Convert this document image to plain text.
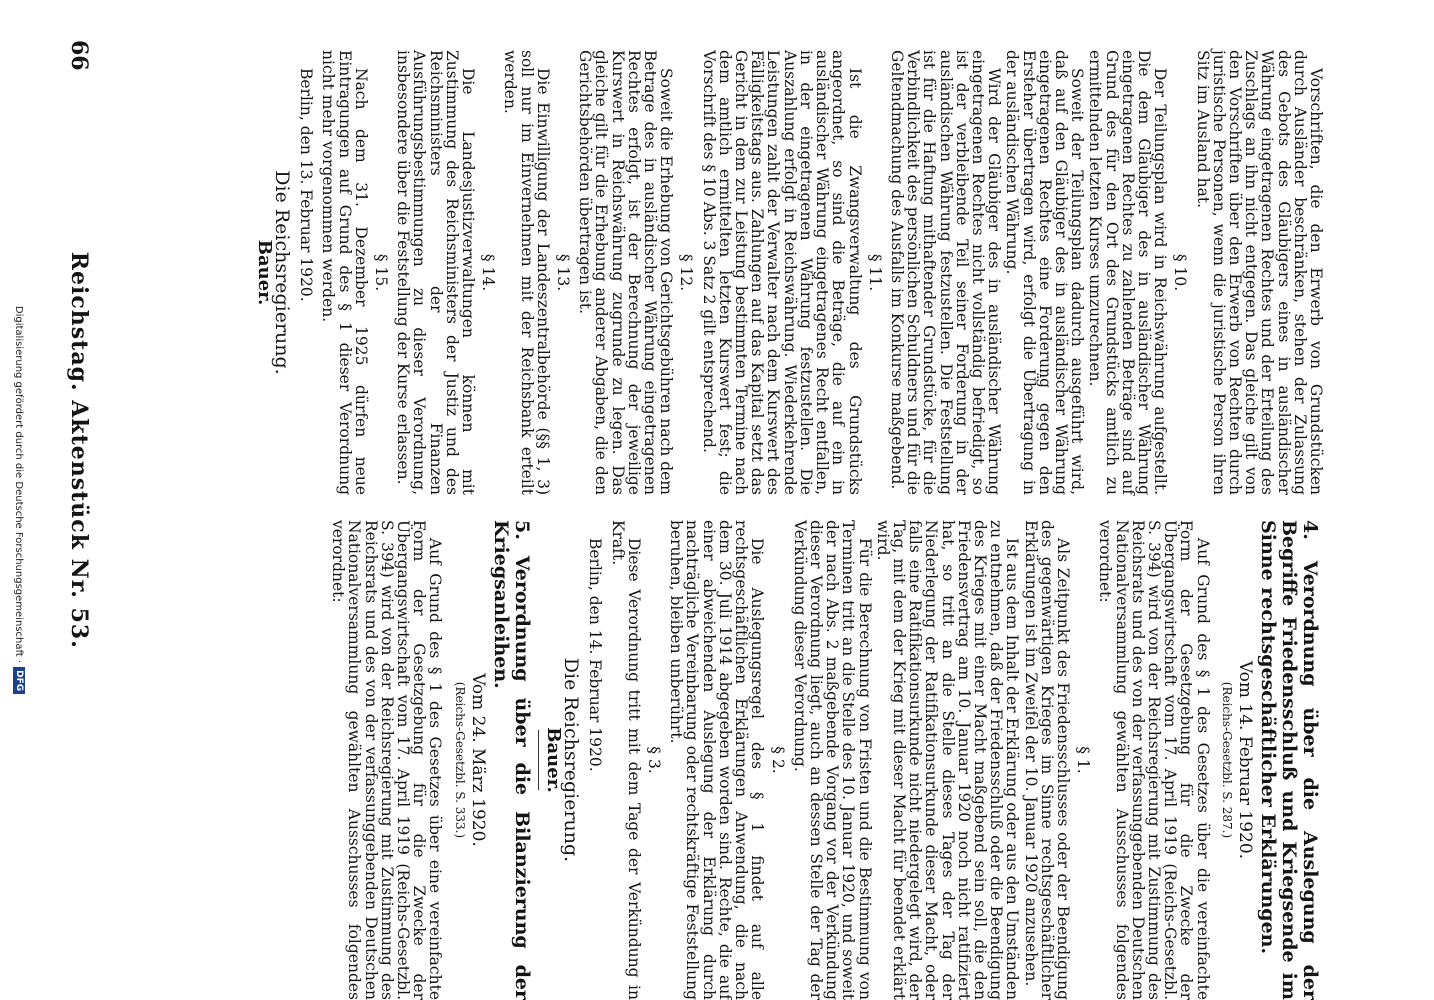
66
Reichstag. Aktenstück Nr. 53.	Vorschriften, die den Erwerb von Grundstücken durch Ausländer beschränken, stehen der Zulassung des Gebots des Gläubigers eines in ausländischer Währung eingetragenen Rechtes und der Erteilung des Zuschlags an ihn nicht entgegen. Das gleiche gilt von den Vorschriften über den Erwerb von Rechten durch juristische Personen, wenn die juristische Person ihren Sitz im Ausland hat.

§ 10.

Der Teilungsplan wird in Reichswährung aufgestellt. Die dem Gläubiger des in ausländischer Währung eingetragenen Rechtes zu zahlenden Beträge sind auf Grund des für den Ort des Grundstücks amtlich zu ermittelnden letzten Kurses umzurechnen.

Soweit der Teilungsplan dadurch ausgeführt wird, daß auf den Gläubiger des in ausländischer Währung eingetragenen Rechtes eine Forderung gegen den Ersteher übertragen wird, erfolgt die Übertragung in der ausländischen Währung.

Wird der Gläubiger des in ausländischer Währung eingetragenen Rechtes nicht vollständig befriedigt, so ist der verbleibende Teil seiner Forderung in der ausländischen Währung festzustellen. Die Feststellung ist für die Haftung mithaftender Grundstücke, für die Verbindlichkeit des persönlichen Schuldners und für die Geltendmachung des Ausfalls im Konkurse maßgebend.

§ 11.

Ist die Zwangsverwaltung des Grundstücks angeordnet, so sind die Beträge, die auf ein in ausländischer Währung eingetragenes Recht entfallen, in der eingetragenen Währung festzustellen. Die Auszahlung erfolgt in Reichswährung. Wiederkehrende Leistungen zahlt der Verwalter nach dem Kurswert des Fälligkeitstags aus. Zahlungen auf das Kapital setzt das Gericht in dem zur Leistung bestimmten Termine nach dem amtlich ermittelten letzten Kurswert fest; die Vorschrift des § 10 Abs. 3 Satz 2 gilt entsprechend.

§ 12.

Soweit die Erhebung von Gerichtsgebühren nach dem Betrage des in ausländischer Währung eingetragenen Rechtes erfolgt, ist der Berechnung der jeweilige Kurswert in Reichswährung zugrunde zu legen. Das gleiche gilt für die Erhebung anderer Abgaben, die den Gerichtsbehörden übertragen ist.

§ 13.

Die Einwilligung der Landeszentralbehörde (§§ 1, 3) soll nur im Einvernehmen mit der Reichsbank erteilt werden.

§ 14.

Die Landesjustizverwaltungen können mit Zustimmung des Reichsministers der Justiz und des Reichsministers der Finanzen Ausführungsbestimmungen zu dieser Verordnung, insbesondere über die Feststellung der Kurse erlassen.

§ 15.

Nach dem 31. Dezember 1925 dürfen neue Eintragungen auf Grund des § 1 dieser Verordnung nicht mehr vorgenommen werden.

Berlin, den 13. Februar 1920.

Die Reichsregierung.

Bauer.

4. Verordnung über die Auslegung der Begriffe Friedensschluß und Kriegsende im Sinne rechtsgeschäftlicher Erklärungen.

Vom 14. Februar 1920.

(Reichs-Gesetzbl. S. 287.)

Auf Grund des § 1 des Gesetzes über die vereinfachte Form der Gesetzgebung für die Zwecke der Übergangswirtschaft vom 17. April 1919 (Reichs-Gesetzbl. S. 394) wird von der Reichsregierung mit Zustimmung des Reichsrats und des von der verfassunggebenden Deutschen Nationalversammlung gewählten Ausschusses folgendes verordnet:

§ 1.

Als Zeitpunkt des Friedensschlusses oder der Beendigung des gegenwärtigen Krieges im Sinne rechtsgeschäftlicher Erklärungen ist im Zweifel der 10. Januar 1920 anzusehen.

Ist aus dem Inhalt der Erklärung oder aus den Umständen zu entnehmen, daß der Friedensschluß oder die Beendigung des Krieges mit einer Macht maßgebend sein soll, die den Friedensvertrag am 10. Januar 1920 noch nicht ratifiziert hat, so tritt an die Stelle dieses Tages der Tag der Niederlegung der Ratifikationsurkunde dieser Macht, oder falls eine Ratifikationsurkunde nicht niedergelegt wird, der Tag, mit dem der Krieg mit dieser Macht für beendet erklärt wird.

Für die Berechnung von Fristen und die Bestimmung von Terminen tritt an die Stelle des 10. Januar 1920, und soweit der nach Abs. 2 maßgebende Vorgang vor der Verkündung dieser Verordnung liegt, auch an dessen Stelle der Tag der Verkündung dieser Verordnung.

§ 2.

Die Auslegungsregel des § 1 findet auf alle rechtsgeschäftlichen Erklärungen Anwendung, die nach dem 30. Juli 1914 abgegeben worden sind. Rechte, die auf einer abweichenden Auslegung der Erklärung durch nachträgliche Vereinbarung oder rechtskräftige Feststellung beruhen, bleiben unberührt.

§ 3.

Diese Verordnung tritt mit dem Tage der Verkündung in Kraft.

Berlin, den 14. Februar 1920.

Die Reichsregierung.

Bauer.

5. Verordnung über die Bilanzierung der Kriegsanleihen.

Vom 24. März 1920.

(Reichs-Gesetzbl. S. 333.)

Auf Grund des § 1 des Gesetzes über eine vereinfachte Form der Gesetzgebung für die Zwecke der Übergangswirtschaft vom 17. April 1919 (Reichs-Gesetzbl. S. 394) wird von der Reichsregierung mit Zustimmung des Reichsrats und des von der verfassunggebenden Deutschen Nationalversammlung gewählten Ausschusses folgendes verordnet:

Digitalisierung gefördert durch die Deutsche Forschungsgemeinschaft ·
DFG
